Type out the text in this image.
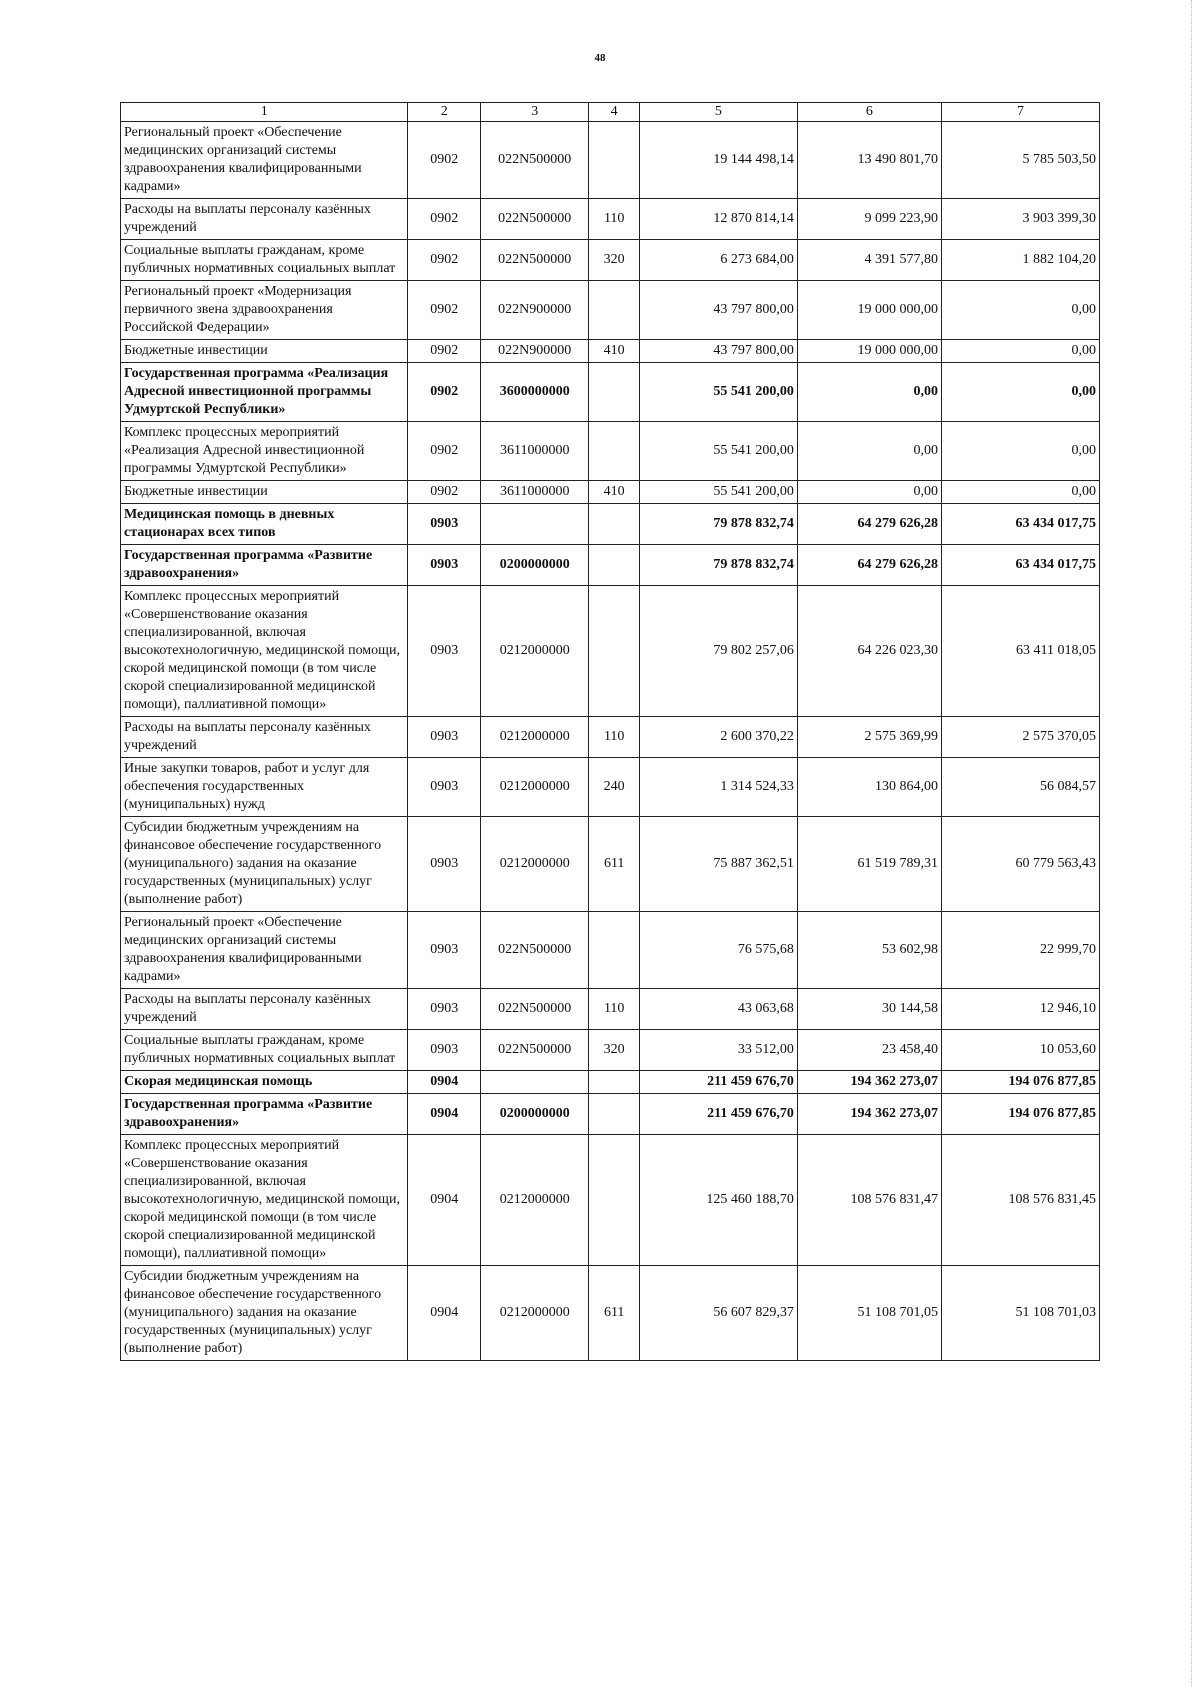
48
1	2	3	4	5	6	7
Региональный проект «Обеспечение медицинских организаций системы здравоохранения квалифицированными кадрами»	0902	022N500000		19 144 498,14	13 490 801,70	5 785 503,50
Расходы на выплаты персоналу казённых учреждений	0902	022N500000	110	12 870 814,14	9 099 223,90	3 903 399,30
Социальные выплаты гражданам, кроме публичных нормативных социальных выплат	0902	022N500000	320	6 273 684,00	4 391 577,80	1 882 104,20
Региональный проект «Модернизация первичного звена здравоохранения Российской Федерации»	0902	022N900000		43 797 800,00	19 000 000,00	0,00
Бюджетные инвестиции	0902	022N900000	410	43 797 800,00	19 000 000,00	0,00
Государственная программа «Реализация Адресной инвестиционной программы Удмуртской Республики»	0902	3600000000		55 541 200,00	0,00	0,00
Комплекс процессных мероприятий «Реализация Адресной инвестиционной программы Удмуртской Республики»	0902	3611000000		55 541 200,00	0,00	0,00
Бюджетные инвестиции	0902	3611000000	410	55 541 200,00	0,00	0,00
Медицинская помощь в дневных стационарах всех типов	0903			79 878 832,74	64 279 626,28	63 434 017,75
Государственная программа «Развитие здравоохранения»	0903	0200000000		79 878 832,74	64 279 626,28	63 434 017,75
Комплекс процессных мероприятий «Совершенствование оказания специализированной, включая высокотехнологичную, медицинской помощи, скорой медицинской помощи (в том числе скорой специализированной медицинской помощи), паллиативной помощи»	0903	0212000000		79 802 257,06	64 226 023,30	63 411 018,05
Расходы на выплаты персоналу казённых учреждений	0903	0212000000	110	2 600 370,22	2 575 369,99	2 575 370,05
Иные закупки товаров, работ и услуг для обеспечения государственных (муниципальных) нужд	0903	0212000000	240	1 314 524,33	130 864,00	56 084,57
Субсидии бюджетным учреждениям на финансовое обеспечение государственного (муниципального) задания на оказание государственных (муниципальных) услуг (выполнение работ)	0903	0212000000	611	75 887 362,51	61 519 789,31	60 779 563,43
Региональный проект «Обеспечение медицинских организаций системы здравоохранения квалифицированными кадрами»	0903	022N500000		76 575,68	53 602,98	22 999,70
Расходы на выплаты персоналу казённых учреждений	0903	022N500000	110	43 063,68	30 144,58	12 946,10
Социальные выплаты гражданам, кроме публичных нормативных социальных выплат	0903	022N500000	320	33 512,00	23 458,40	10 053,60
Скорая медицинская помощь	0904			211 459 676,70	194 362 273,07	194 076 877,85
Государственная программа «Развитие здравоохранения»	0904	0200000000		211 459 676,70	194 362 273,07	194 076 877,85
Комплекс процессных мероприятий «Совершенствование оказания специализированной, включая высокотехнологичную, медицинской помощи, скорой медицинской помощи (в том числе скорой специализированной медицинской помощи), паллиативной помощи»	0904	0212000000		125 460 188,70	108 576 831,47	108 576 831,45
Субсидии бюджетным учреждениям на финансовое обеспечение государственного (муниципального) задания на оказание государственных (муниципальных) услуг (выполнение работ)	0904	0212000000	611	56 607 829,37	51 108 701,05	51 108 701,03
